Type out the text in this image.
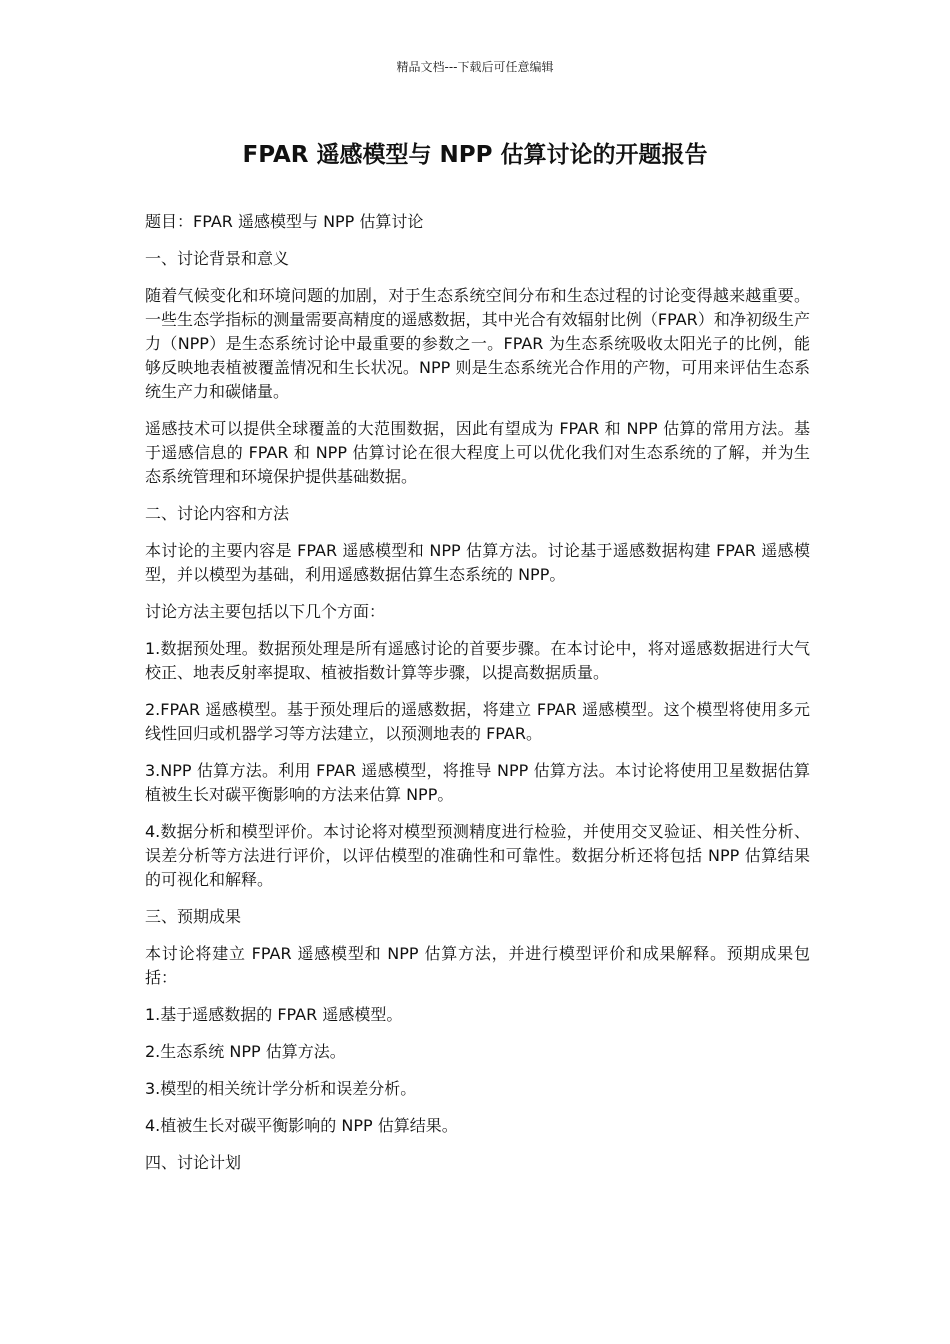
精品文档---下载后可任意编辑
FPAR 遥感模型与 NPP 估算讨论的开题报告

题目：FPAR 遥感模型与 NPP 估算讨论

一、讨论背景和意义

随着气候变化和环境问题的加剧，对于生态系统空间分布和生态过程的讨论变得越来越重要。一些生态学指标的测量需要高精度的遥感数据，其中光合有效辐射比例（FPAR）和净初级生产力（NPP）是生态系统讨论中最重要的参数之一。FPAR 为生态系统吸收太阳光子的比例，能够反映地表植被覆盖情况和生长状况。NPP 则是生态系统光合作用的产物，可用来评估生态系统生产力和碳储量。

遥感技术可以提供全球覆盖的大范围数据，因此有望成为 FPAR 和 NPP 估算的常用方法。基于遥感信息的 FPAR 和 NPP 估算讨论在很大程度上可以优化我们对生态系统的了解，并为生态系统管理和环境保护提供基础数据。

二、讨论内容和方法

本讨论的主要内容是 FPAR 遥感模型和 NPP 估算方法。讨论基于遥感数据构建 FPAR 遥感模型，并以模型为基础，利用遥感数据估算生态系统的 NPP。

讨论方法主要包括以下几个方面：

1.数据预处理。数据预处理是所有遥感讨论的首要步骤。在本讨论中，将对遥感数据进行大气校正、地表反射率提取、植被指数计算等步骤，以提高数据质量。

2.FPAR 遥感模型。基于预处理后的遥感数据，将建立 FPAR 遥感模型。这个模型将使用多元线性回归或机器学习等方法建立，以预测地表的 FPAR。

3.NPP 估算方法。利用 FPAR 遥感模型，将推导 NPP 估算方法。本讨论将使用卫星数据估算植被生长对碳平衡影响的方法来估算 NPP。

4.数据分析和模型评价。本讨论将对模型预测精度进行检验，并使用交叉验证、相关性分析、误差分析等方法进行评价，以评估模型的准确性和可靠性。数据分析还将包括 NPP 估算结果的可视化和解释。

三、预期成果

本讨论将建立 FPAR 遥感模型和 NPP 估算方法，并进行模型评价和成果解释。预期成果包括：

1.基于遥感数据的 FPAR 遥感模型。

2.生态系统 NPP 估算方法。

3.模型的相关统计学分析和误差分析。

4.植被生长对碳平衡影响的 NPP 估算结果。

四、讨论计划
